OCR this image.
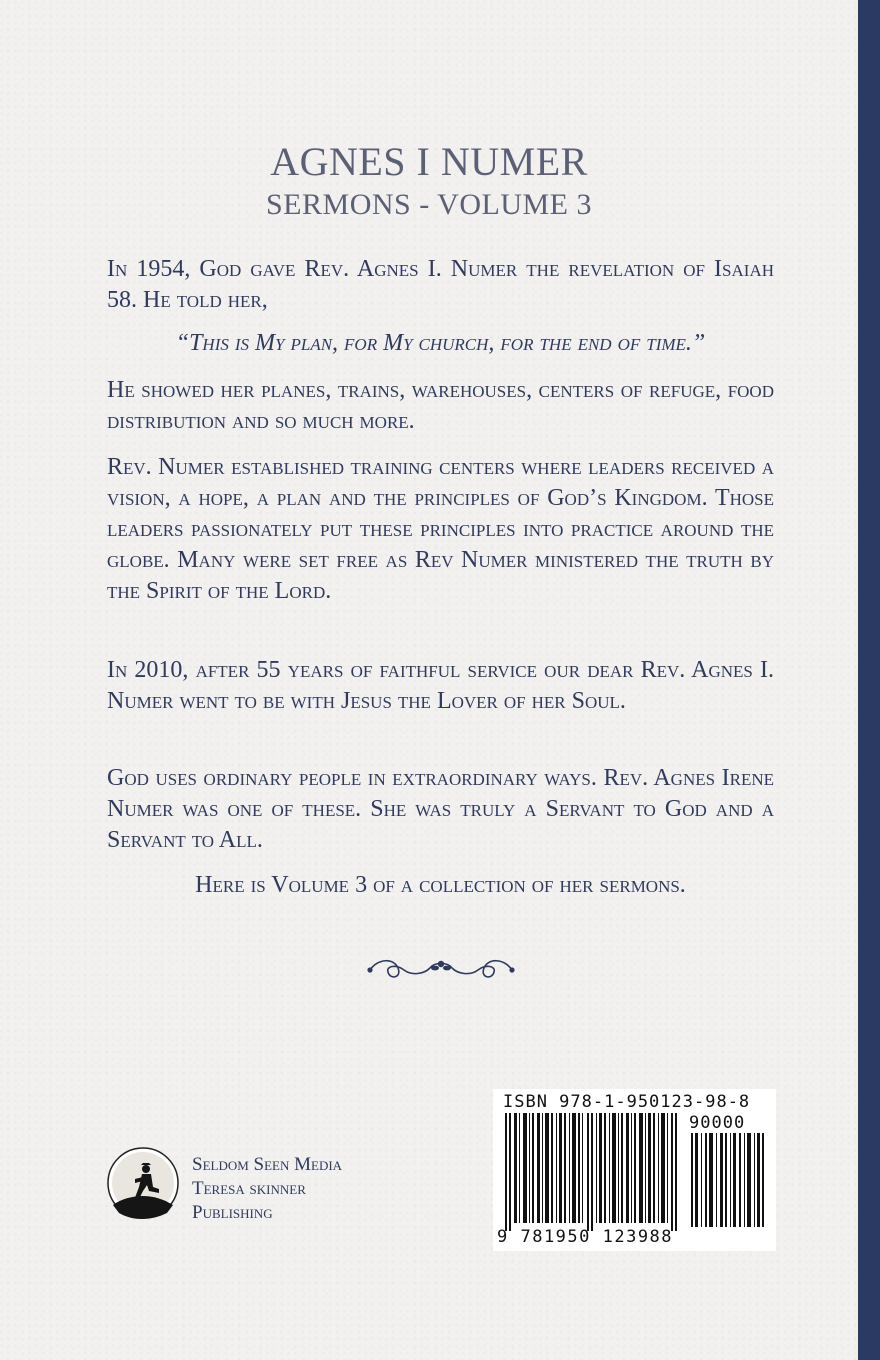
AGNES I NUMER
SERMONS - VOLUME 3

In 1954, God gave Rev. Agnes I. Numer the revelation of Isaiah 58. He told her,

“This is My plan, for My church, for the end of time.”

He showed her planes, trains, warehouses, centers of refuge, food distribution and so much more.

Rev. Numer established training centers where leaders received a vision, a hope, a plan and the principles of God’s Kingdom. Those leaders passionately put these principles into practice around the globe. Many were set free as Rev Numer ministered the truth by the Spirit of the Lord.

In 2010, after 55 years of faithful service our dear Rev. Agnes I. Numer went to be with Jesus the Lover of her Soul.

God uses ordinary people in extraordinary ways. Rev. Agnes Irene Numer was one of these. She was truly a Servant to God and a Servant to All.

Here is Volume 3 of a collection of her sermons.
Seldom Seen Media
Teresa skinner
Publishing
ISBN 978-1-950123-98-8
90000
9 781950 123988
